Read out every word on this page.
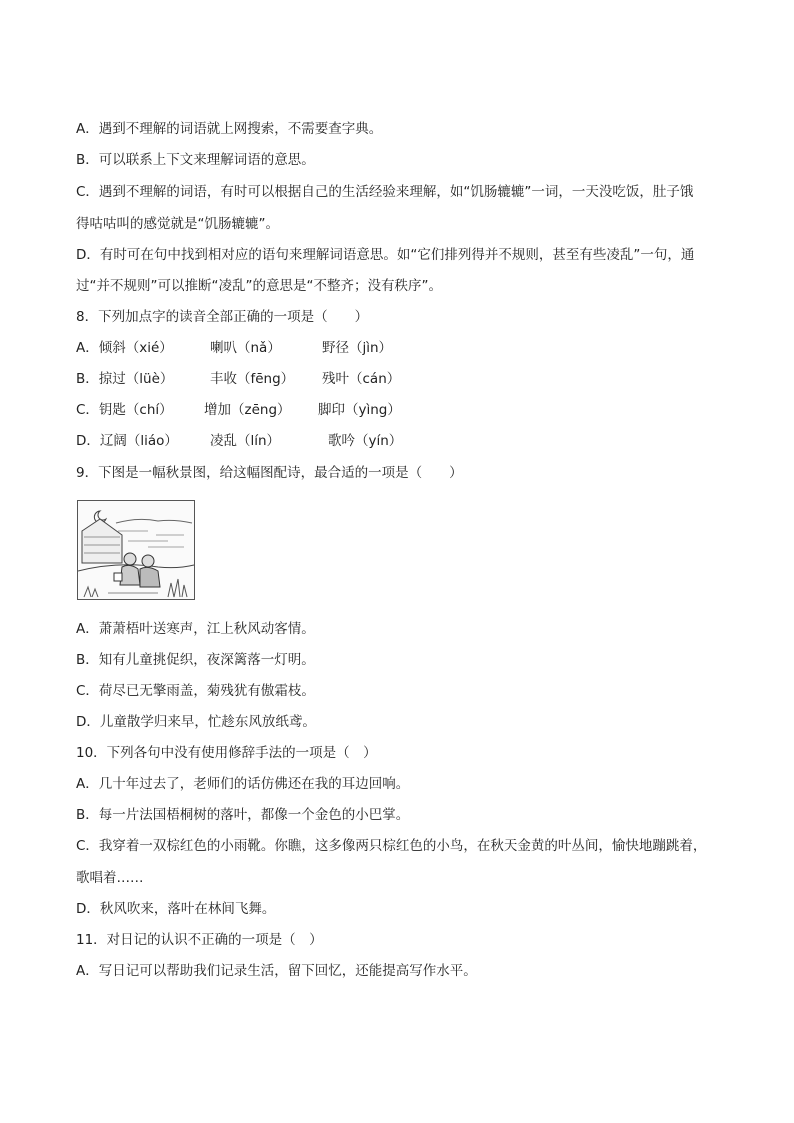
A．遇到不理解的词语就上网搜索，不需要查字典。
B．可以联系上下文来理解词语的意思。
C．遇到不理解的词语，有时可以根据自己的生活经验来理解，如“饥肠辘辘”一词，一天没吃饭，肚子饿
得咕咕叫的感觉就是“饥肠辘辘”。
D．有时可在句中找到相对应的语句来理解词语意思。如“它们排列得并不规则，甚至有些凌乱”一句，通
过“并不规则”可以推断“凌乱”的意思是“不整齐；没有秩序”。
8．下列加点字的读音全部正确的一项是（　　）
A．倾斜（xié）	喇叭（nǎ）	野径（jìn）
B．掠过（lüè）	丰收（fēng） 残叶（cán）
C．钥匙（chí） 增加（zēng） 脚印（yìng）
D．辽阔（liáo） 凌乱（lín）	歌吟（yín）
9．下图是一幅秋景图，给这幅图配诗，最合适的一项是（　　）
A．萧萧梧叶送寒声，江上秋风动客情。
B．知有儿童挑促织，夜深篱落一灯明。
C．荷尽已无擎雨盖，菊残犹有傲霜枝。
D．儿童散学归来早，忙趁东风放纸鸢。
10．下列各句中没有使用修辞手法的一项是（　）
A．几十年过去了，老师们的话仿佛还在我的耳边回响。
B．每一片法国梧桐树的落叶，都像一个金色的小巴掌。
C．我穿着一双棕红色的小雨靴。你瞧，这多像两只棕红色的小鸟，在秋天金黄的叶丛间，愉快地蹦跳着，
歌唱着……
D．秋风吹来，落叶在林间飞舞。
11．对日记的认识不正确的一项是（　）
A．写日记可以帮助我们记录生活，留下回忆，还能提高写作水平。
